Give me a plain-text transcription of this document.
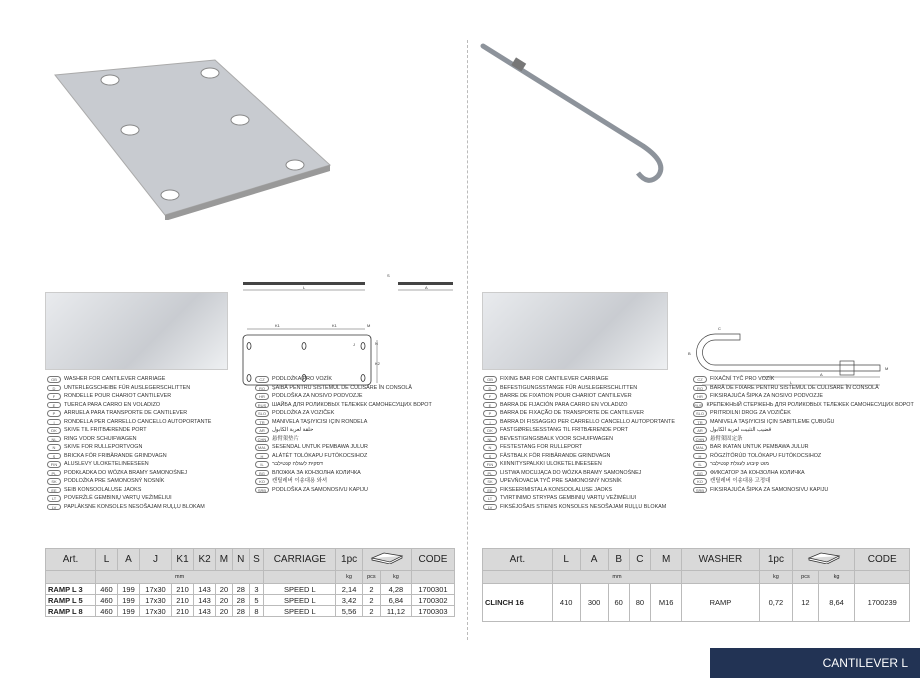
L	A
S
K1	K1	M
N
K2
J
GB	WASHER FOR CANTILEVER CARRIAGE
D	UNTERLEGSCHEIBE FÜR AUSLEGERSCHLITTEN
F	RONDELLE POUR CHARIOT CANTILEVER
E	TUERCA PARA CARRO EN VOLADIZO
P	ARRUELA PARA TRANSPORTE DE CANTILEVER
I	RONDELLA PER CARRELLO CANCELLO AUTOPORTANTE
DK	SKIVE TIL FRITBÆRENDE PORT
NL	RING VOOR SCHUIFWAGEN
N	SKIVE FOR RULLEPORTVOGN
S	BRICKA FÖR FRIBÄRANDE GRINDVAGN
FIN	ALUSLEVY ULOKETELINEESEEN
PL	PODKŁADKA DO WÓZKA BRAMY SAMONOŚNEJ
SK	PODLOŽKA PRE SAMONOSNÝ NOSNÍK
EE	SEIB KONSOOLALUSE JAOKS
LT	POVERŽLĖ GEMBINIŲ VARTŲ VEŽIMĖLIUI
LV	PAPLĀKSNE KONSOLES NESOŠAJAM RUĻĻU BLOKAM
CZ	PODLOŽKA PRO VOZÍK
RO	ŞAIBĂ PENTRU SISTEMUL DE CULISARE ÎN CONSOLĂ
HR	PODLOŠKA ZA NOSIVO PODVOZJE
RUS	ШАЙБА ДЛЯ РОЛИКОВЫХ ТЕЛЕЖЕК САМОНЕСУЩИХ ВОРОТ
SLO	PODLOŽKA ZA VOZIČEK
TR	MANIVELA TAŞIYICISI IÇIN RONDELA
AR	حلقة لعربة الكابول
CHN	悬臂架垫片
MAL	SESENDAL UNTUK PEMBAWA JULUR
H	ALÁTÉT TOLÓKAPU FUTÓKOCSIHOZ
IL	דסקית לעגלה קנטילבר
BG	ВЛОЖКА ЗА КОНЗОЛНА КОЛИЧКА
KO	캔틸레버 이송대용 와셔
SRB	PODLOŠKA ZA SAMONOSIVU KAPIJU
Art.	L	A	J	K1	K2	M	N	S	CARRIAGE	1pc			CODE
	mm									kg	pcs	kg	
RAMP L 3	460	199	17x30	210	143	20	28	3	SPEED L	2,14	2	4,28	1700301
RAMP L 5	460	199	17x30	210	143	20	28	5	SPEED L	3,42	2	6,84	1700302
RAMP L 8	460	199	17x30	210	143	20	28	8	SPEED L	5,56	2	11,12	1700303
C
B
A
L
M
GB	FIXING BAR FOR CANTILEVER CARRIAGE
D	BEFESTIGUNGSSTANGE FÜR AUSLEGERSCHLITTEN
F	BARRE DE FIXATION POUR CHARIOT CANTILEVER
E	BARRA DE FIJACIÓN PARA CARRO EN VOLADIZO
P	BARRA DE FIXAÇÃO DE TRANSPORTE DE CANTILEVER
I	BARRA DI FISSAGGIO PER CARRELLO CANCELLO AUTOPORTANTE
DK	FASTGØRELSESSTANG TIL FRITBÆRENDE PORT
NL	BEVESTIGINGSBALK VOOR SCHUIFWAGEN
N	FESTESTANG FOR RULLEPORT
S	FÄSTBALK FÖR FRIBÄRANDE GRINDVAGN
FIN	KIINNITYSPALKKI ULOKETELINEESEEN
PL	LISTWA MOCUJĄCA DO WÓZKA BRAMY SAMONOŚNEJ
SK	UPEVŇOVACIA TYČ PRE SAMONOSNÝ NOSNÍK
EE	FIKSEERIMISTALA KONSOOLALUSE JAOKS
LT	TVIRTINIMO STRYPAS GEMBINIŲ VARTŲ VEŽIMĖLIUI
LV	FIKSĒJOŠAIS STIENIS KONSOLES NESOŠAJAM RUĻĻU BLOKAM
CZ	FIXAČNÍ TYČ PRO VOZÍK
RO	BARĂ DE FIXARE PENTRU SISTEMUL DE CULISARE ÎN CONSOLĂ
HR	FIKSIRAJUĆA ŠIPKA ZA NOSIVO PODVOZJE
RUS КРЕПЕЖНЫЙ СТЕРЖЕНЬ ДЛЯ РОЛИКОВЫХ ТЕЛЕЖЕК САМОНЕСУЩИХ ВОРОТ
SLO	PRITRDILNI DROG ZA VOZIČEK
TR	MANIVELA TAŞIYICISI IÇIN SABITLEME ÇUBUĞU
AR	قضيب التثبيت لعربة الكابول
CHN	悬臂架固定条
MAL	BAR IKATAN UNTUK PEMBAWA JULUR
H	RÖGZÍTŐRÚD TOLÓKAPU FUTÓKOCSIHOZ
IL	מוט קיבוע לעגלת קנטילבר
BG	ФИКСАТОР ЗА КОНЗОЛНА КОЛИЧКА
KO	캔틸레버 이송대용 고정대
SRB	FIKSIRAJUĆA ŠIPKA ZA SAMONOSIVU KAPIJU
Art.	L	A	B	C	M	WASHER	1pc			CODE
	mm						kg	pcs	kg	
CLINCH 16	410	300	60	80	M16	RAMP	0,72	12	8,64	1700239
CANTILEVER L
